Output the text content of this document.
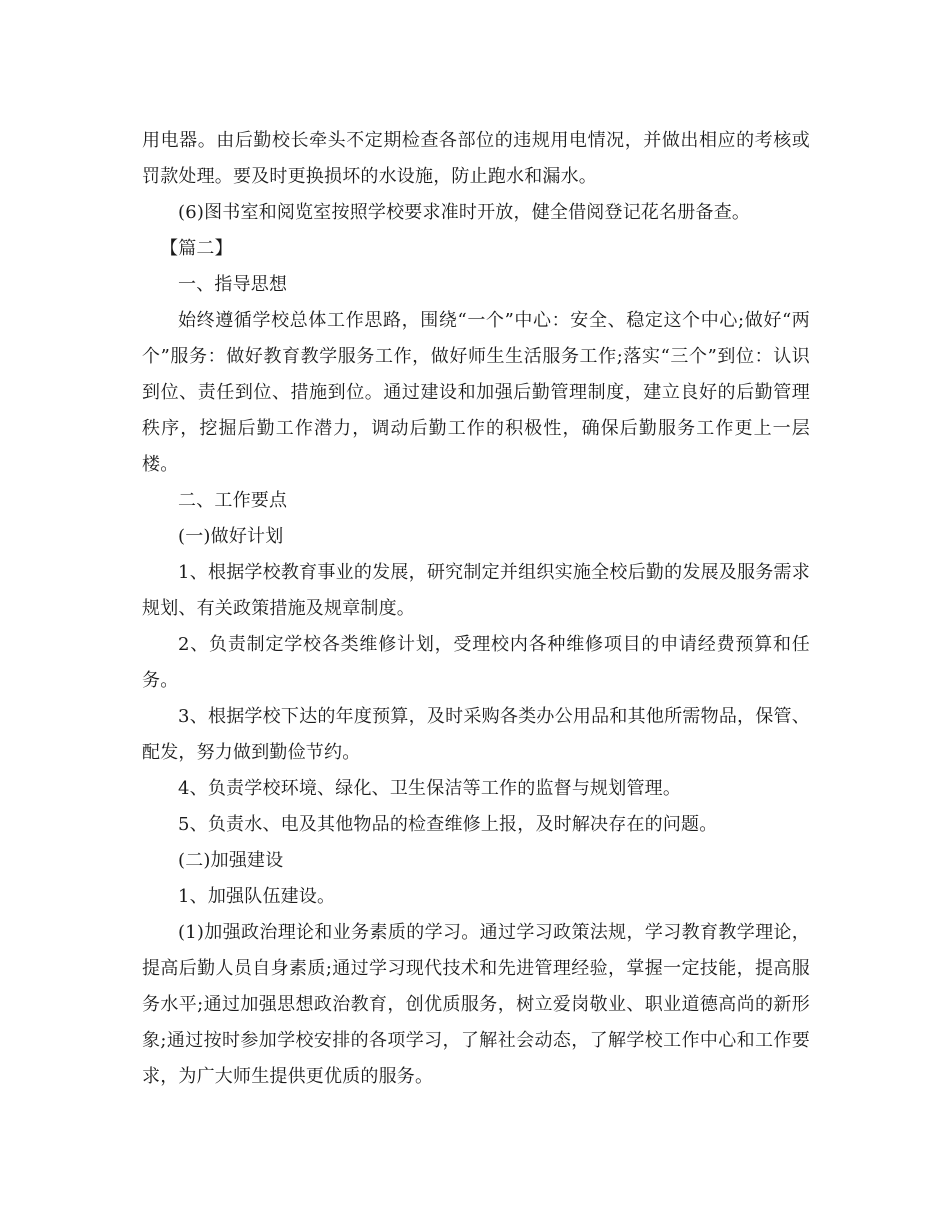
用电器。由后勤校长牵头不定期检查各部位的违规用电情况，并做出相应的考核或罚款处理。要及时更换损坏的水设施，防止跑水和漏水。

(6)图书室和阅览室按照学校要求准时开放，健全借阅登记花名册备查。

【篇二】

一、指导思想

始终遵循学校总体工作思路，围绕“一个”中心：安全、稳定这个中心;做好“两个”服务：做好教育教学服务工作，做好师生生活服务工作;落实“三个”到位：认识到位、责任到位、措施到位。通过建设和加强后勤管理制度，建立良好的后勤管理秩序，挖掘后勤工作潜力，调动后勤工作的积极性，确保后勤服务工作更上一层楼。

二、工作要点

(一)做好计划

1、根据学校教育事业的发展，研究制定并组织实施全校后勤的发展及服务需求规划、有关政策措施及规章制度。

2、负责制定学校各类维修计划，受理校内各种维修项目的申请经费预算和任务。

3、根据学校下达的年度预算，及时采购各类办公用品和其他所需物品，保管、配发，努力做到勤俭节约。

4、负责学校环境、绿化、卫生保洁等工作的监督与规划管理。

5、负责水、电及其他物品的检查维修上报，及时解决存在的问题。

(二)加强建设

1、加强队伍建设。

(1)加强政治理论和业务素质的学习。通过学习政策法规，学习教育教学理论，提高后勤人员自身素质;通过学习现代技术和先进管理经验，掌握一定技能，提高服务水平;通过加强思想政治教育，创优质服务，树立爱岗敬业、职业道德高尚的新形象;通过按时参加学校安排的各项学习，了解社会动态，了解学校工作中心和工作要求，为广大师生提供更优质的服务。
